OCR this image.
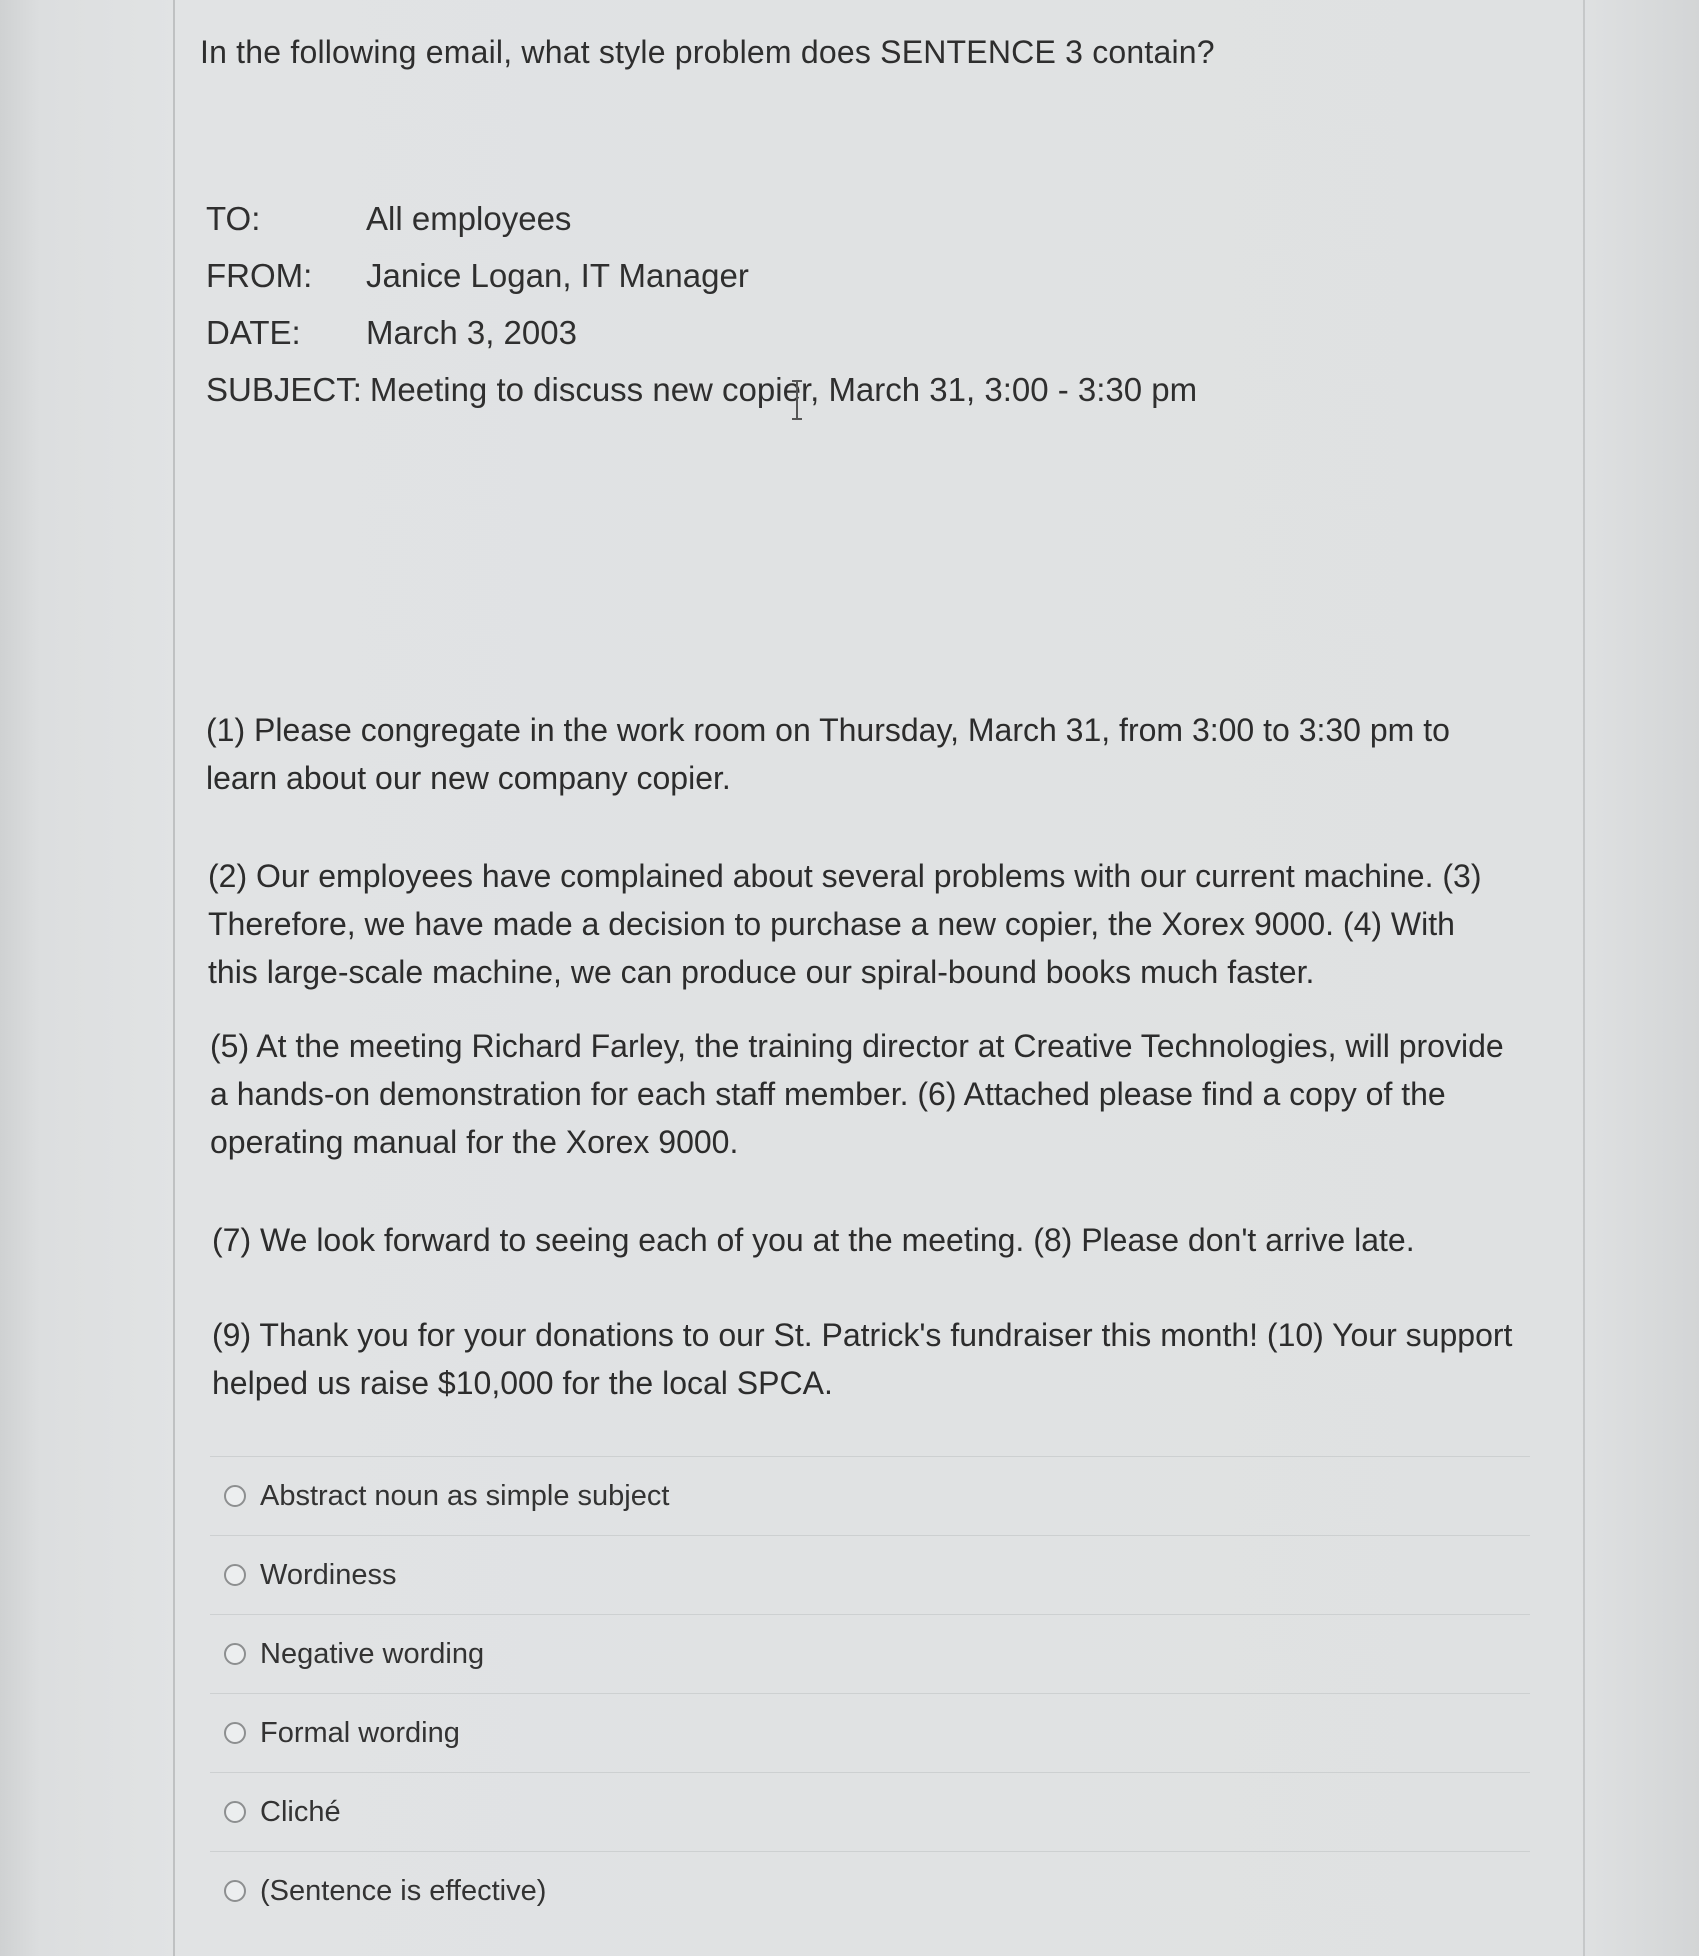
In the following email, what style problem does SENTENCE 3 contain?
TO:	All employees
FROM:	Janice Logan, IT Manager
DATE:	March 3, 2003
SUBJECT: Meeting to discuss new copier, March 31, 3:00 - 3:30 pm
(1) Please congregate in the work room on Thursday, March 31, from 3:00 to 3:30 pm to
learn about our new company copier.
(2) Our employees have complained about several problems with our current machine. (3)
Therefore, we have made a decision to purchase a new copier, the Xorex 9000. (4) With
this large-scale machine, we can produce our spiral-bound books much faster.
(5) At the meeting Richard Farley, the training director at Creative Technologies, will provide
a hands-on demonstration for each staff member. (6) Attached please find a copy of the
operating manual for the Xorex 9000.
(7) We look forward to seeing each of you at the meeting. (8) Please don't arrive late.
(9) Thank you for your donations to our St. Patrick's fundraiser this month! (10) Your support
helped us raise $10,000 for the local SPCA.
Abstract noun as simple subject
Wordiness
Negative wording
Formal wording
Cliché
(Sentence is effective)
